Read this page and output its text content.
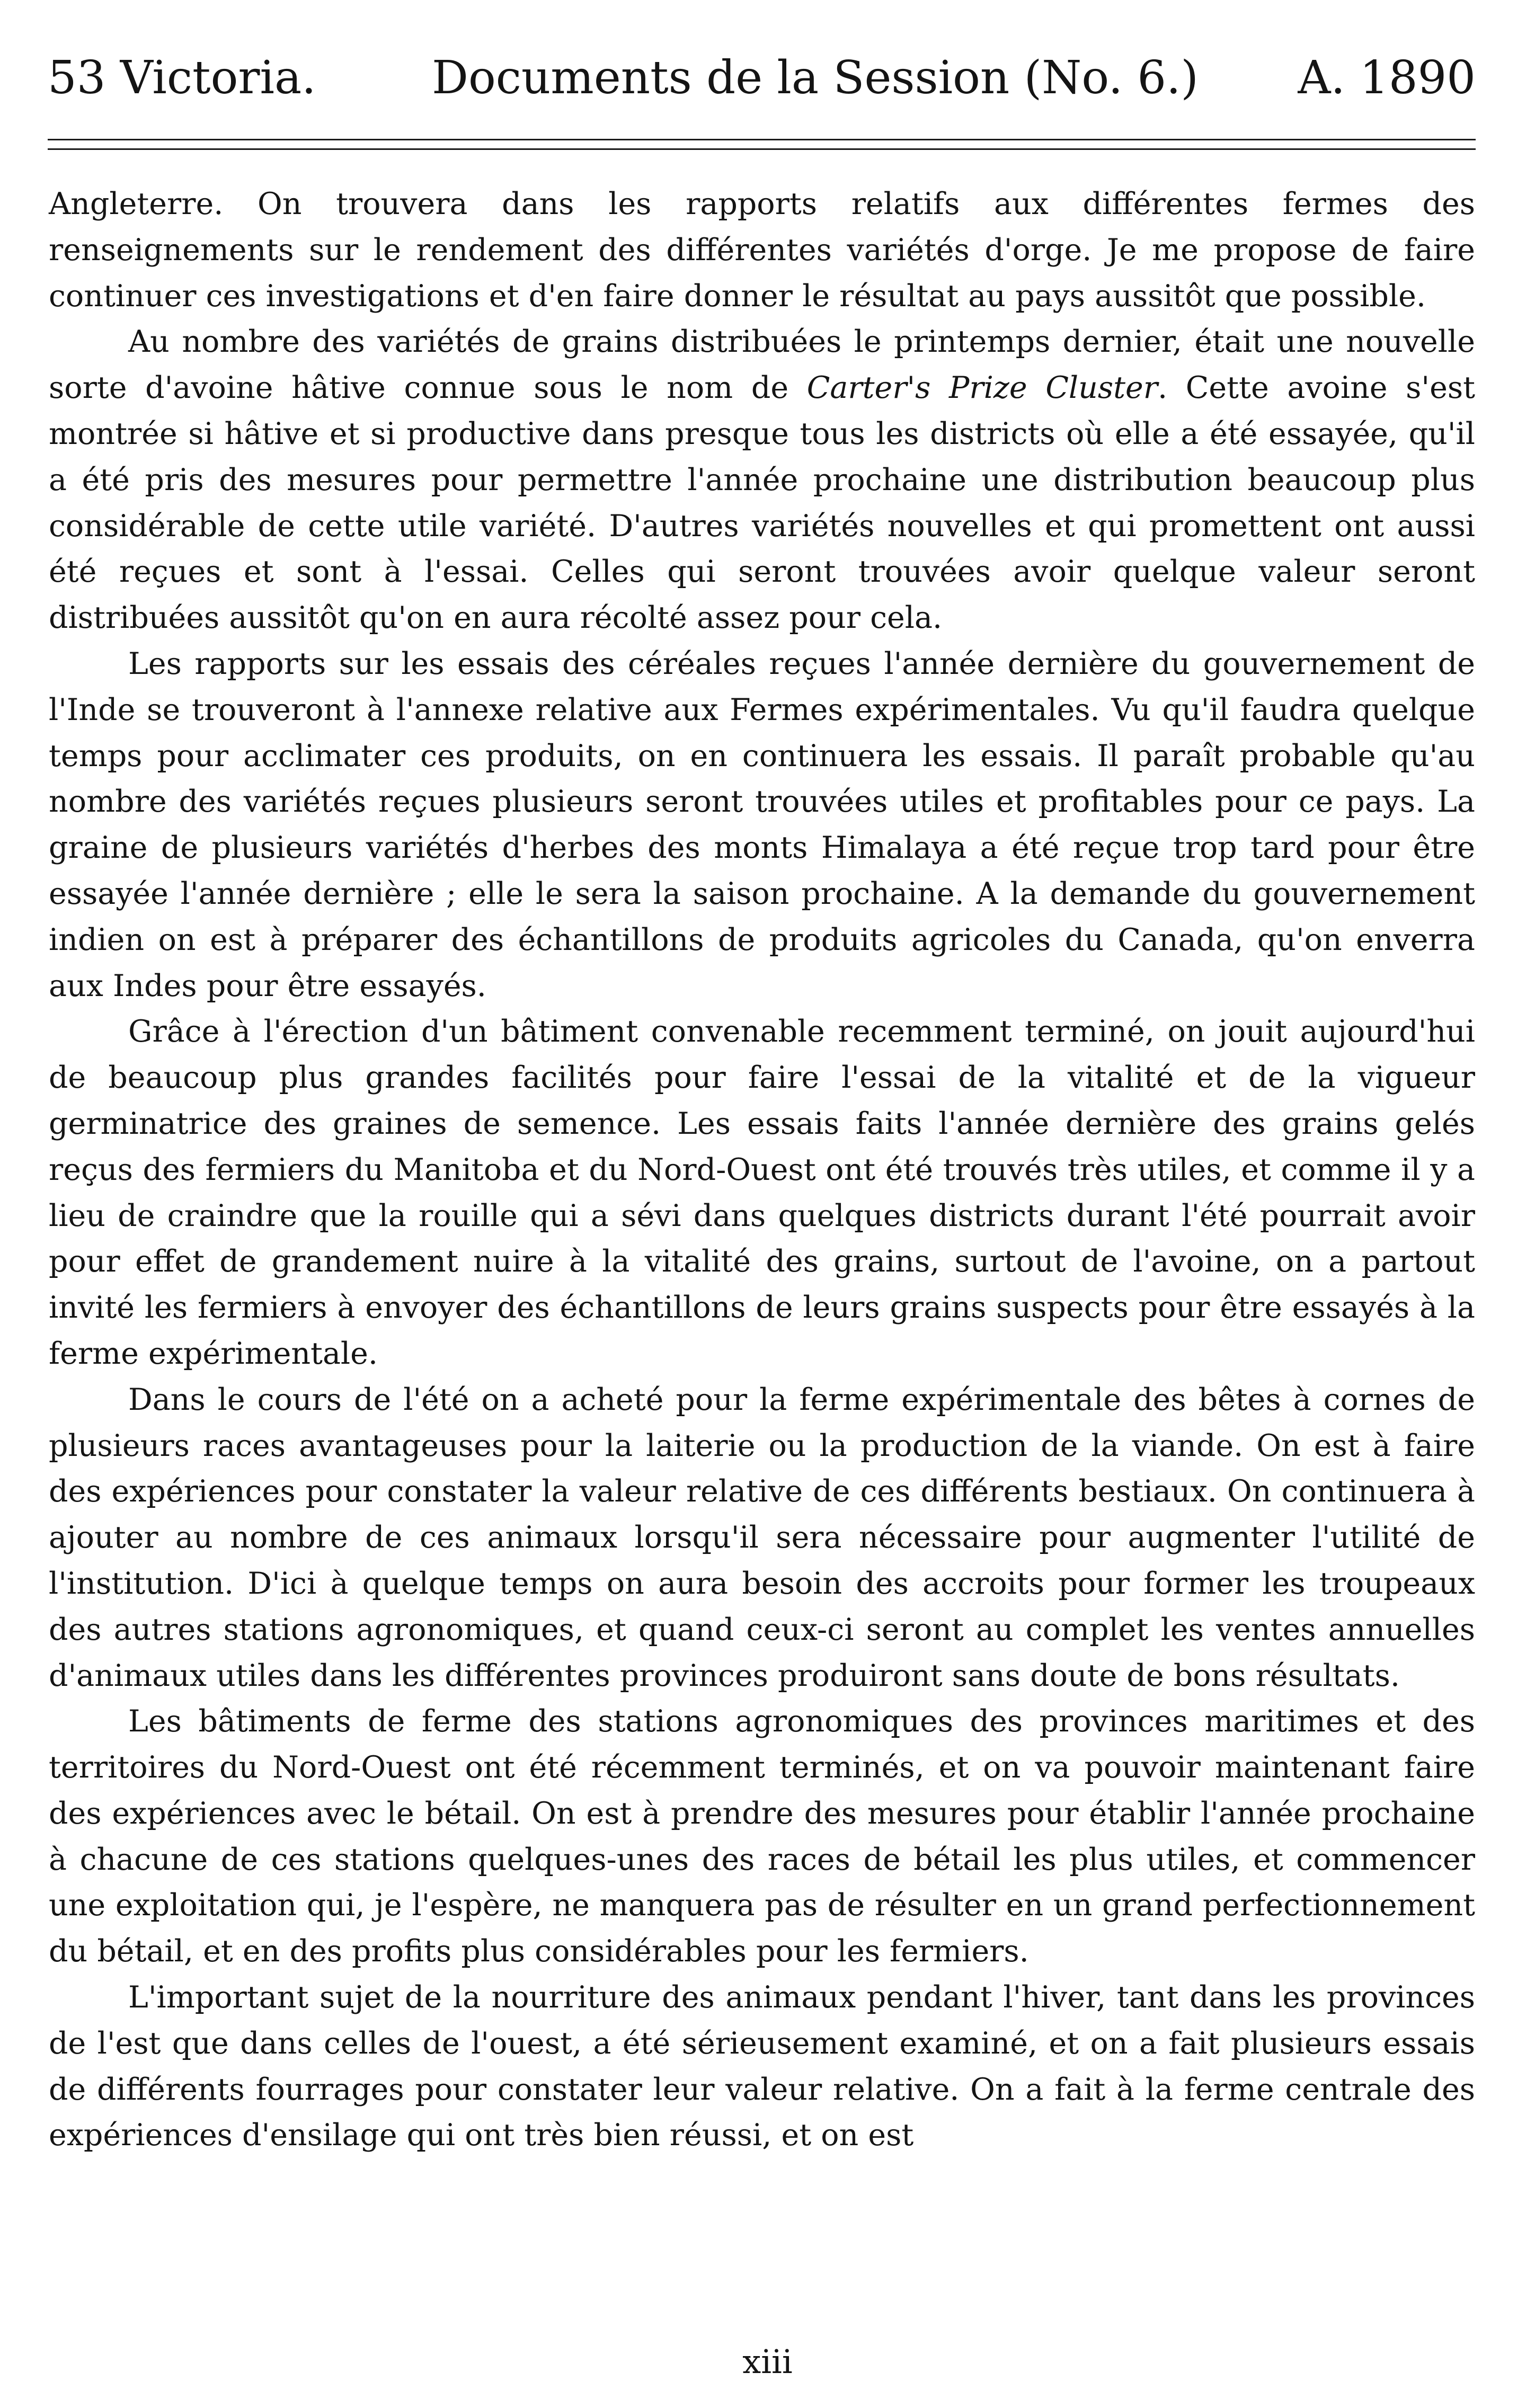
53 Victoria.	Documents de la Session (No. 6.) A. 1890

Angleterre. On trouvera dans les rapports relatifs aux différentes fermes des renseignements sur le rendement des différentes variétés d'orge. Je me propose de faire continuer ces investigations et d'en faire donner le résultat au pays aussitôt que possible.

Au nombre des variétés de grains distribuées le printemps dernier, était une nouvelle sorte d'avoine hâtive connue sous le nom de Carter's Prize Cluster. Cette avoine s'est montrée si hâtive et si productive dans presque tous les districts où elle a été essayée, qu'il a été pris des mesures pour permettre l'année prochaine une distribution beaucoup plus considérable de cette utile variété. D'autres variétés nouvelles et qui promettent ont aussi été reçues et sont à l'essai. Celles qui seront trouvées avoir quelque valeur seront distribuées aussitôt qu'on en aura récolté assez pour cela.

Les rapports sur les essais des céréales reçues l'année dernière du gouvernement de l'Inde se trouveront à l'annexe relative aux Fermes expérimentales. Vu qu'il faudra quelque temps pour acclimater ces produits, on en continuera les essais. Il paraît probable qu'au nombre des variétés reçues plusieurs seront trouvées utiles et profitables pour ce pays. La graine de plusieurs variétés d'herbes des monts Himalaya a été reçue trop tard pour être essayée l'année dernière ; elle le sera la saison prochaine. A la demande du gouvernement indien on est à préparer des échantillons de produits agricoles du Canada, qu'on enverra aux Indes pour être essayés.

Grâce à l'érection d'un bâtiment convenable recemment terminé, on jouit aujourd'hui de beaucoup plus grandes facilités pour faire l'essai de la vitalité et de la vigueur germinatrice des graines de semence. Les essais faits l'année dernière des grains gelés reçus des fermiers du Manitoba et du Nord-Ouest ont été trouvés très utiles, et comme il y a lieu de craindre que la rouille qui a sévi dans quelques districts durant l'été pourrait avoir pour effet de grandement nuire à la vitalité des grains, surtout de l'avoine, on a partout invité les fermiers à envoyer des échantillons de leurs grains suspects pour être essayés à la ferme expérimentale.

Dans le cours de l'été on a acheté pour la ferme expérimentale des bêtes à cornes de plusieurs races avantageuses pour la laiterie ou la production de la viande. On est à faire des expériences pour constater la valeur relative de ces différents bestiaux. On continuera à ajouter au nombre de ces animaux lorsqu'il sera nécessaire pour augmenter l'utilité de l'institution. D'ici à quelque temps on aura besoin des accroits pour former les troupeaux des autres stations agronomiques, et quand ceux-ci seront au complet les ventes annuelles d'animaux utiles dans les différentes provinces produiront sans doute de bons résultats.

Les bâtiments de ferme des stations agronomiques des provinces maritimes et des territoires du Nord-Ouest ont été récemment terminés, et on va pouvoir maintenant faire des expériences avec le bétail. On est à prendre des mesures pour établir l'année prochaine à chacune de ces stations quelques-unes des races de bétail les plus utiles, et commencer une exploitation qui, je l'espère, ne manquera pas de résulter en un grand perfectionnement du bétail, et en des profits plus considérables pour les fermiers.

L'important sujet de la nourriture des animaux pendant l'hiver, tant dans les provinces de l'est que dans celles de l'ouest, a été sérieusement examiné, et on a fait plusieurs essais de différents fourrages pour constater leur valeur relative. On a fait à la ferme centrale des expériences d'ensilage qui ont très bien réussi, et on est

xiii
